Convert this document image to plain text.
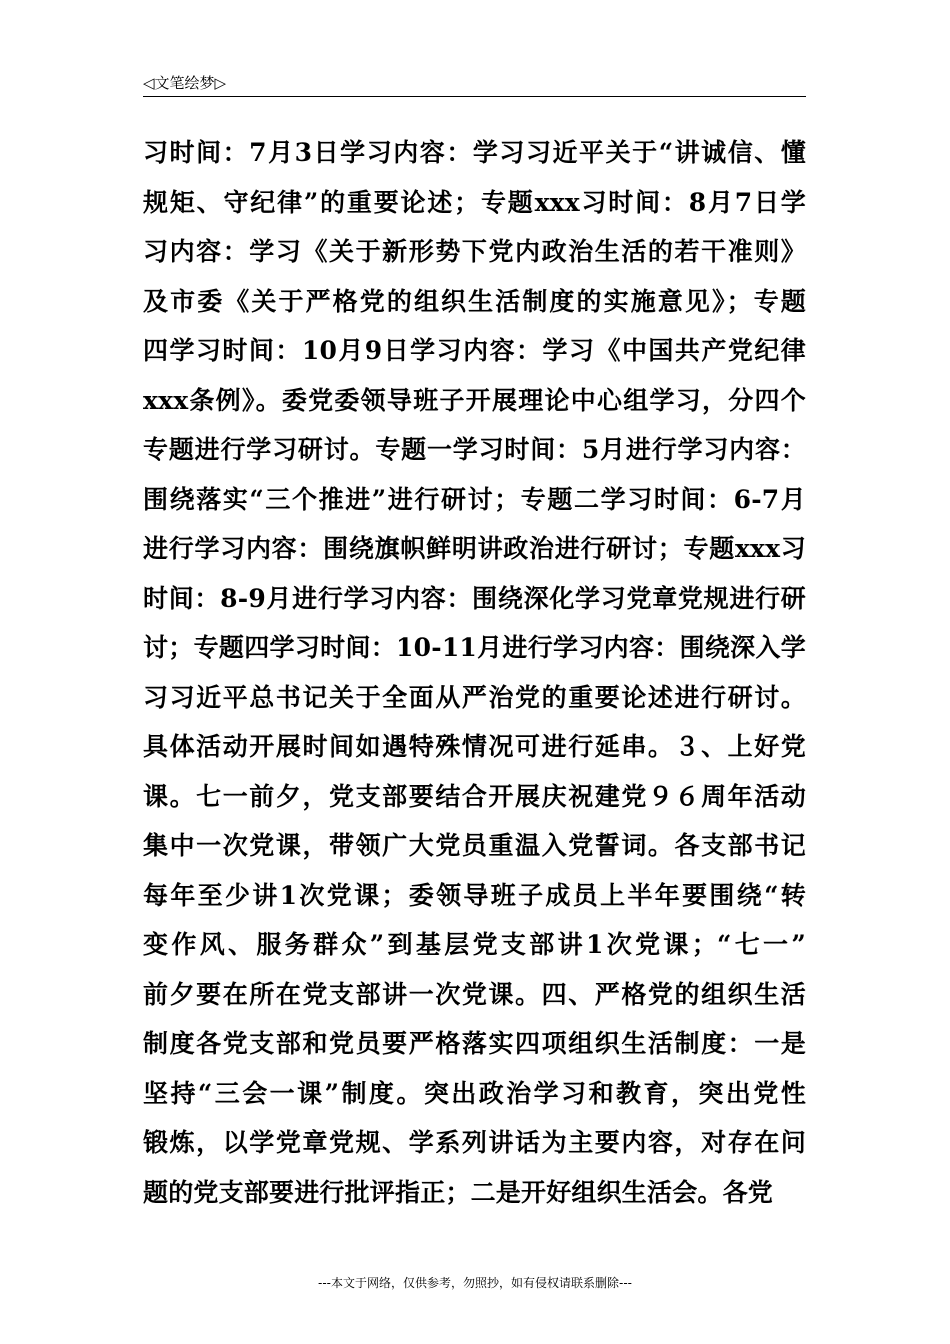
◁文笔绘梦▷
习时间：7月3日学习内容：学习习近平关于“讲诚信、懂
规矩、守纪律”的重要论述；专题xxx习时间：8月7日学
习内容：学习《关于新形势下党内政治生活的若干准则》
及市委《关于严格党的组织生活制度的实施意见》；专题
四学习时间：10月9日学习内容：学习《中国共产党纪律
xxx条例》。委党委领导班子开展理论中心组学习，分四个
专题进行学习研讨。专题一学习时间：5月进行学习内容：
围绕落实“三个推进”进行研讨；专题二学习时间：6-7月
进行学习内容：围绕旗帜鲜明讲政治进行研讨；专题xxx习
时间：8-9月进行学习内容：围绕深化学习党章党规进行研
讨；专题四学习时间：10-11月进行学习内容：围绕深入学
习习近平总书记关于全面从严治党的重要论述进行研讨。
具体活动开展时间如遇特殊情况可进行延串。３、上好党
课。七一前夕，党支部要结合开展庆祝建党９６周年活动
集中一次党课，带领广大党员重温入党誓词。各支部书记
每年至少讲1次党课；委领导班子成员上半年要围绕“转
变作风、服务群众”到基层党支部讲1次党课；“七一”
前夕要在所在党支部讲一次党课。四、严格党的组织生活
制度各党支部和党员要严格落实四项组织生活制度：一是
坚持“三会一课”制度。突出政治学习和教育，突出党性
锻炼，以学党章党规、学系列讲话为主要内容，对存在问
题的党支部要进行批评指正；二是开好组织生活会。各党
---本文于网络，仅供参考，勿照抄，如有侵权请联系删除---
